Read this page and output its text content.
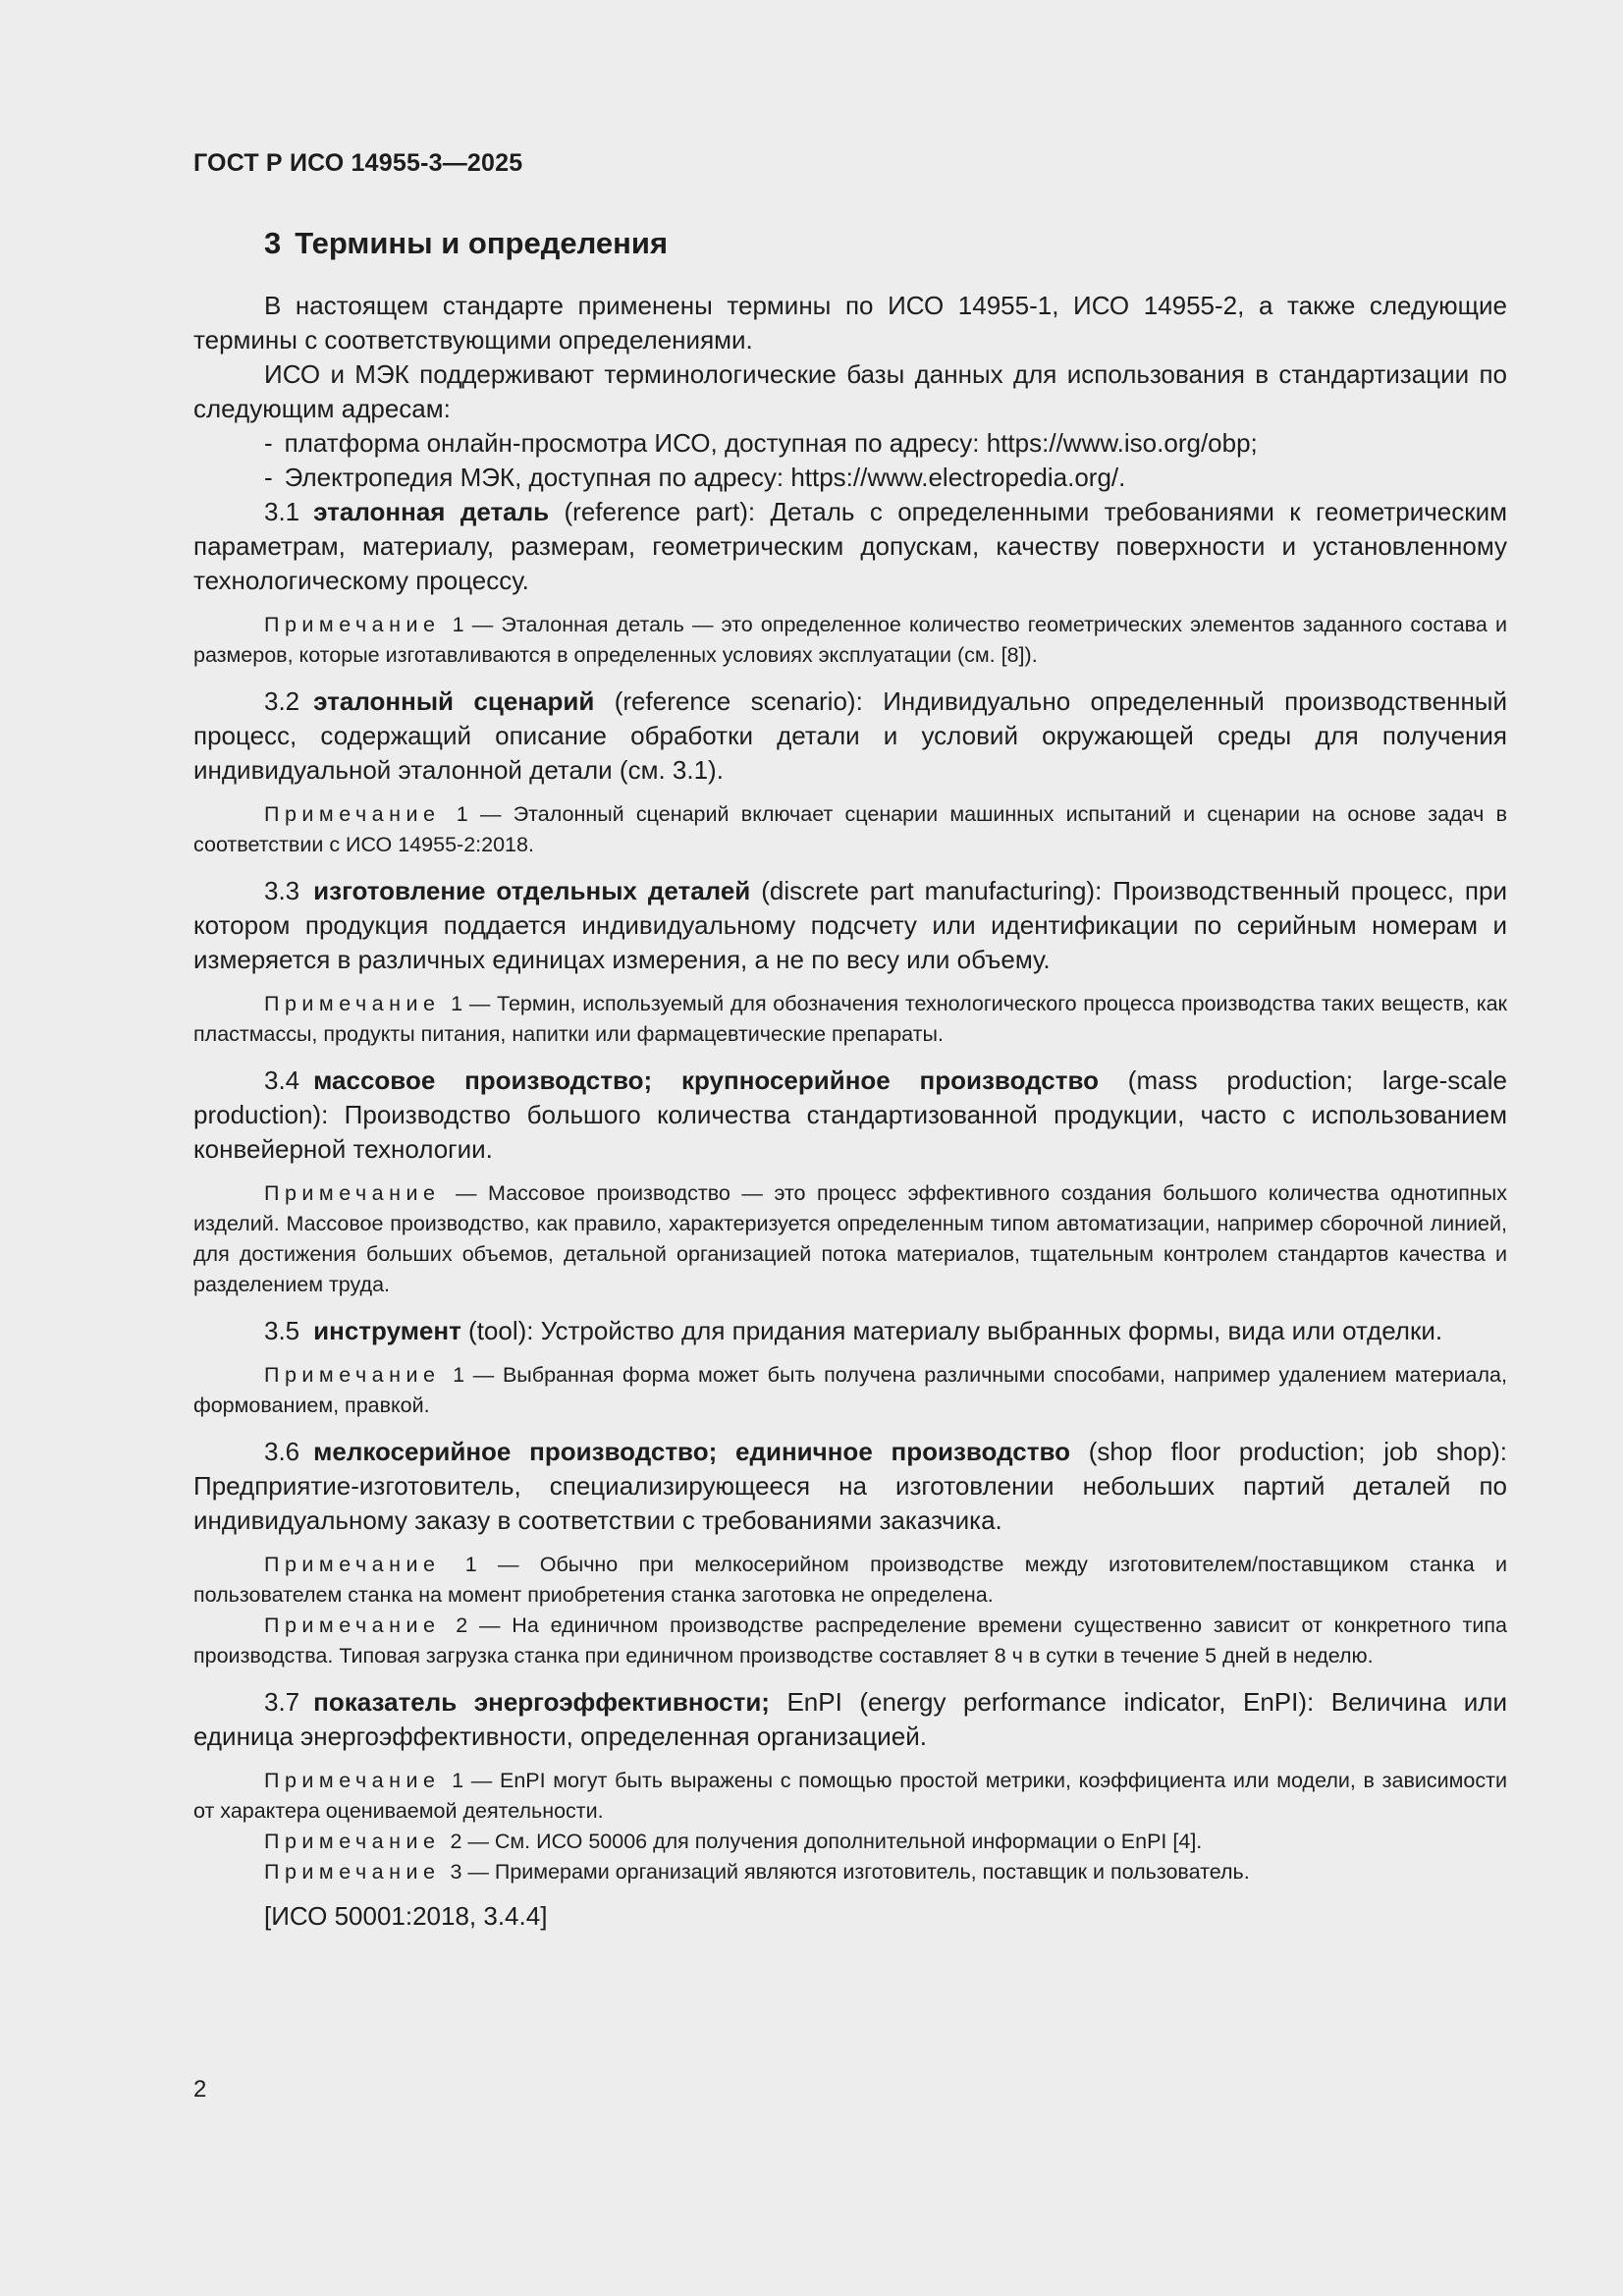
ГОСТ Р ИСО 14955-3—2025
3 Термины и определения

В настоящем стандарте применены термины по ИСО 14955-1, ИСО 14955-2, а также следующие термины с соответствующими определениями.

ИСО и МЭК поддерживают терминологические базы данных для использования в стандартизации по следующим адресам:

- платформа онлайн-просмотра ИСО, доступная по адресу: https://www.iso.org/obp;

- Электропедия МЭК, доступная по адресу: https://www.electropedia.org/.

3.1 эталонная деталь (reference part): Деталь с определенными требованиями к геометрическим параметрам, материалу, размерам, геометрическим допускам, качеству поверхности и установленному технологическому процессу.

Примечание 1 — Эталонная деталь — это определенное количество геометрических элементов заданного состава и размеров, которые изготавливаются в определенных условиях эксплуатации (см. [8]).

3.2 эталонный сценарий (reference scenario): Индивидуально определенный производственный процесс, содержащий описание обработки детали и условий окружающей среды для получения индивидуальной эталонной детали (см. 3.1).

Примечание 1 — Эталонный сценарий включает сценарии машинных испытаний и сценарии на основе задач в соответствии с ИСО 14955-2:2018.

3.3 изготовление отдельных деталей (discrete part manufacturing): Производственный процесс, при котором продукция поддается индивидуальному подсчету или идентификации по серийным номерам и измеряется в различных единицах измерения, а не по весу или объему.

Примечание 1 — Термин, используемый для обозначения технологического процесса производства таких веществ, как пластмассы, продукты питания, напитки или фармацевтические препараты.

3.4 массовое производство; крупносерийное производство (mass production; large-scale production): Производство большого количества стандартизованной продукции, часто с использованием конвейерной технологии.

Примечание — Массовое производство — это процесс эффективного создания большого количества однотипных изделий. Массовое производство, как правило, характеризуется определенным типом автоматизации, например сборочной линией, для достижения больших объемов, детальной организацией потока материалов, тщательным контролем стандартов качества и разделением труда.

3.5 инструмент (tool): Устройство для придания материалу выбранных формы, вида или отделки.

Примечание 1 — Выбранная форма может быть получена различными способами, например удалением материала, формованием, правкой.

3.6 мелкосерийное производство; единичное производство (shop floor production; job shop): Предприятие-изготовитель, специализирующееся на изготовлении небольших партий деталей по индивидуальному заказу в соответствии с требованиями заказчика.

Примечание 1 — Обычно при мелкосерийном производстве между изготовителем/поставщиком станка и пользователем станка на момент приобретения станка заготовка не определена.

Примечание 2 — На единичном производстве распределение времени существенно зависит от конкретного типа производства. Типовая загрузка станка при единичном производстве составляет 8 ч в сутки в течение 5 дней в неделю.

3.7 показатель энергоэффективности; EnPI (energy performance indicator, EnPI): Величина или единица энергоэффективности, определенная организацией.

Примечание 1 — EnPI могут быть выражены с помощью простой метрики, коэффициента или модели, в зависимости от характера оцениваемой деятельности.

Примечание 2 — См. ИСО 50006 для получения дополнительной информации о EnPI [4].

Примечание 3 — Примерами организаций являются изготовитель, поставщик и пользователь.

[ИСО 50001:2018, 3.4.4]

2
